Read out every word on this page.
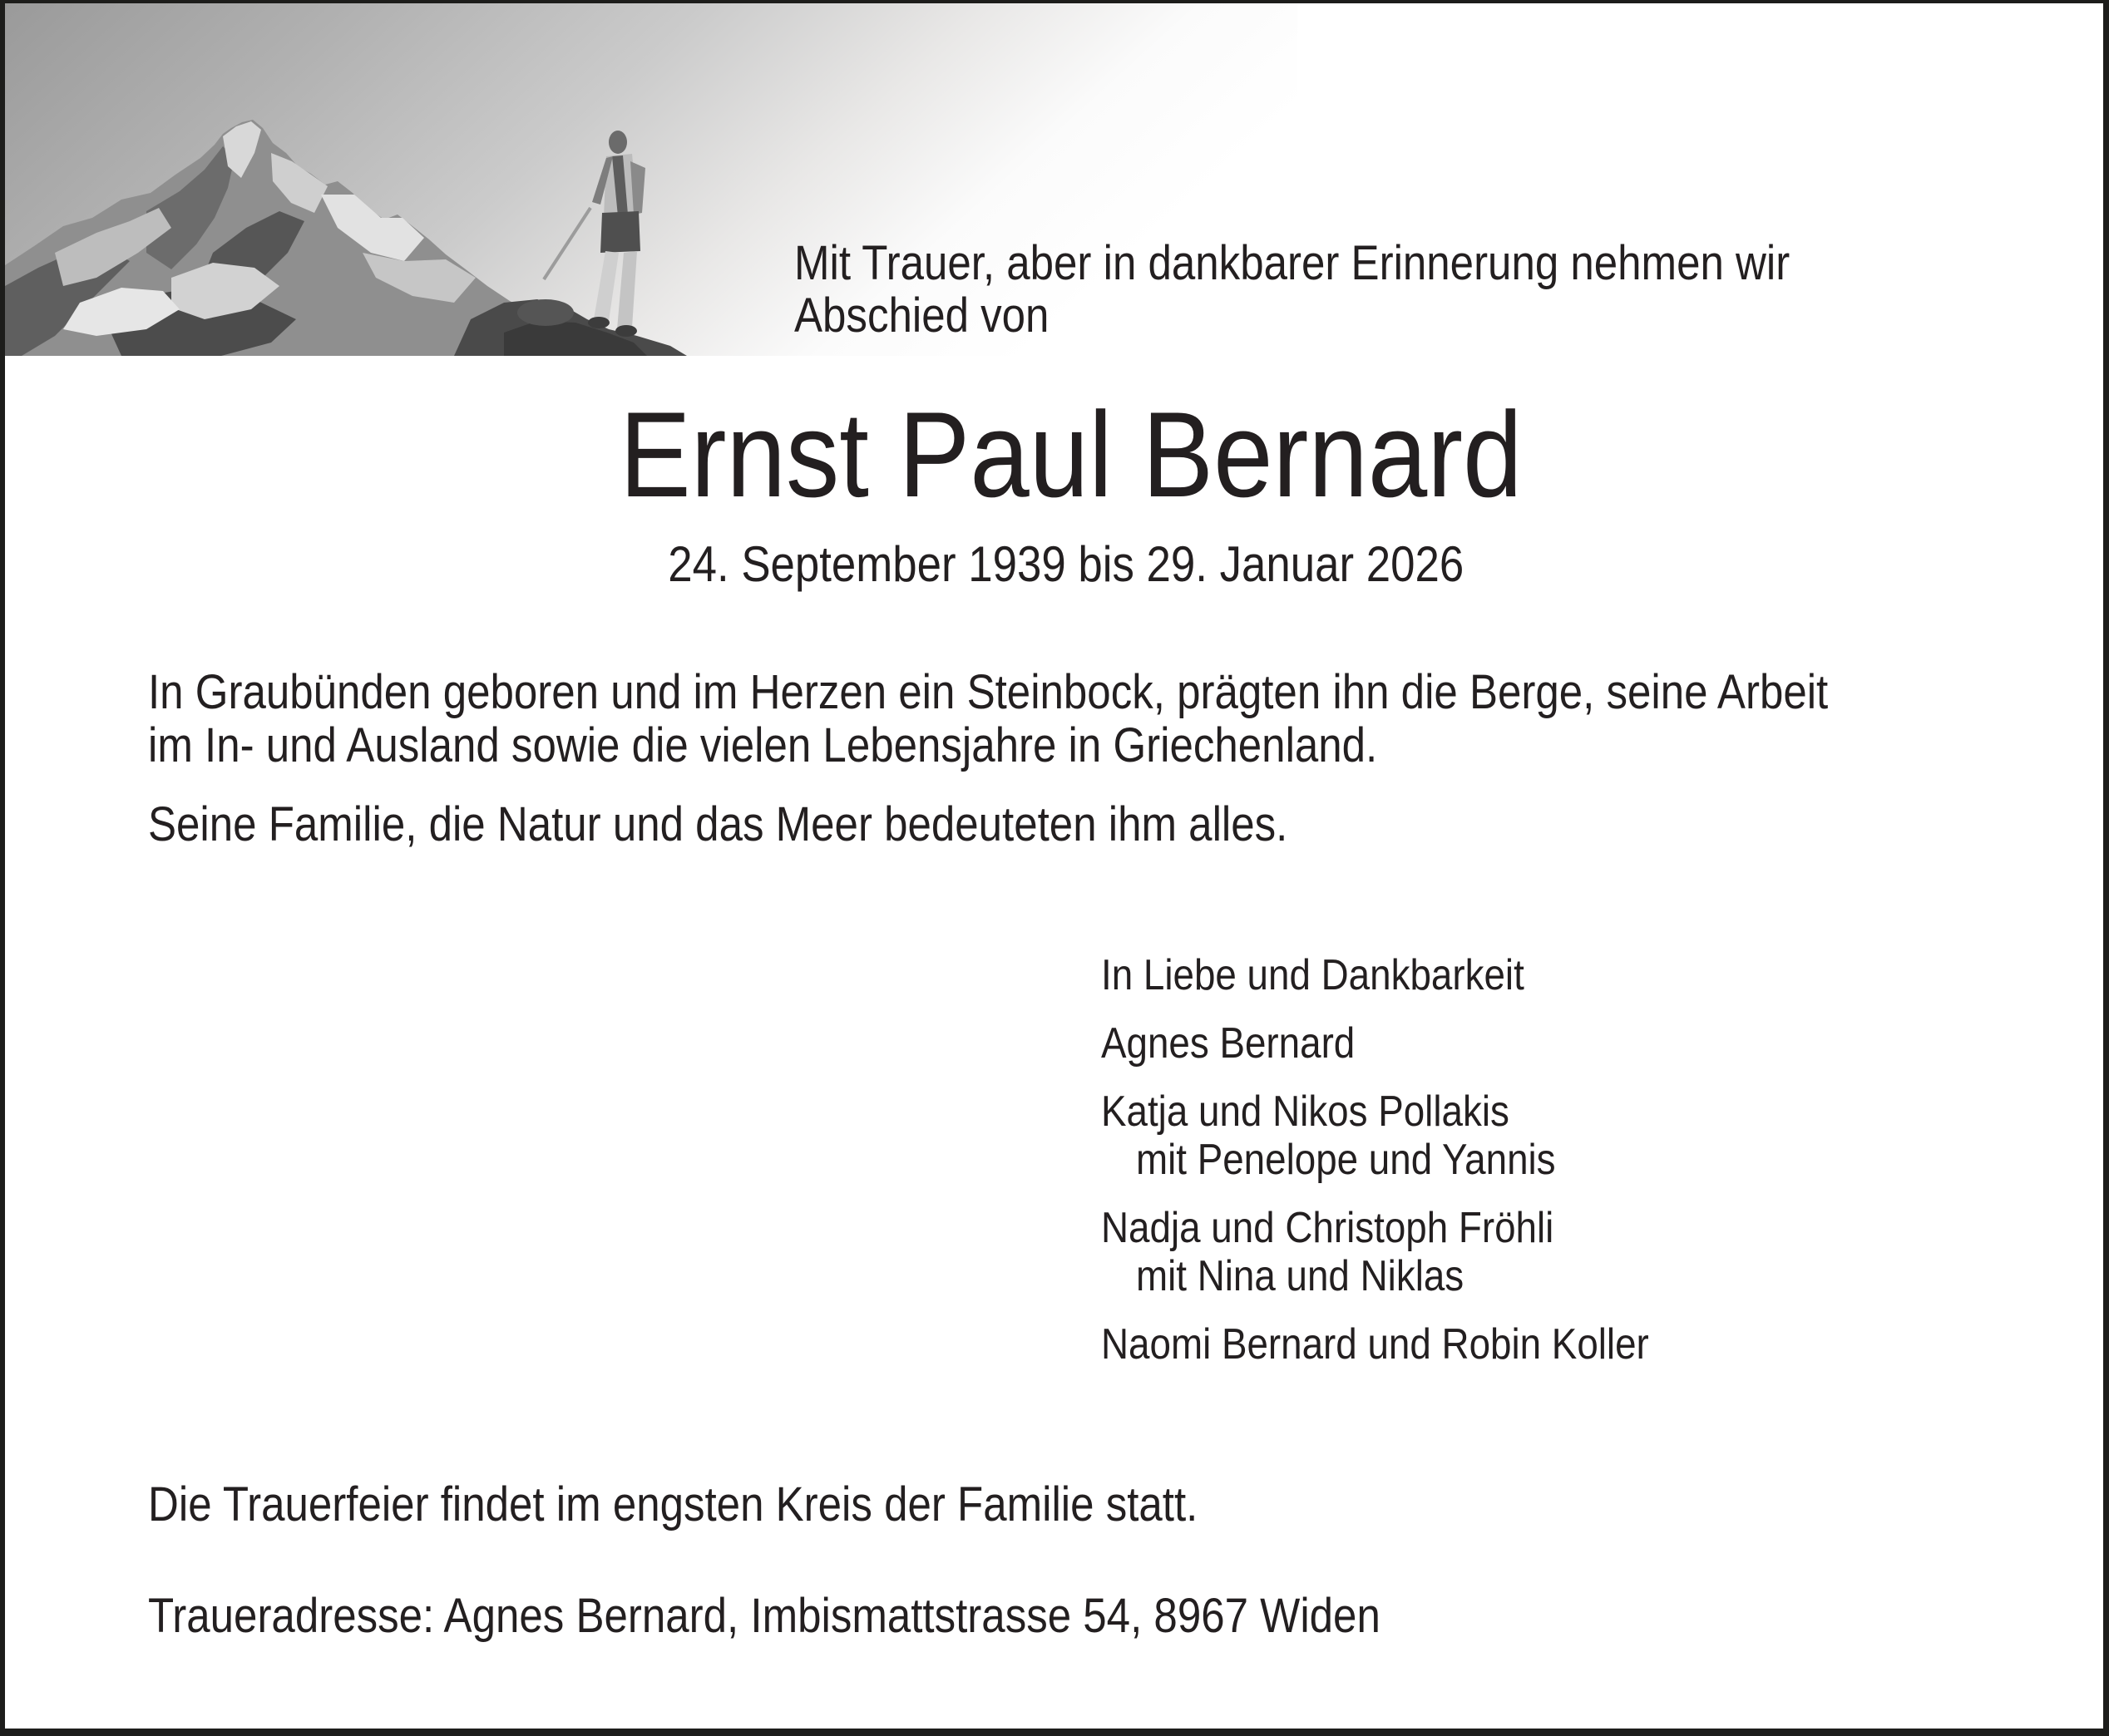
Mit Trauer, aber in dankbarer Erinnerung nehmen wir
Abschied von
Ernst Paul Bernard
24. September 1939 bis 29. Januar 2026
In Graubünden geboren und im Herzen ein Steinbock, prägten ihn die Berge, seine Arbeit
im In- und Ausland sowie die vielen Lebensjahre in Griechenland.
Seine Familie, die Natur und das Meer bedeuteten ihm alles.
In Liebe und Dankbarkeit
Agnes Bernard
Katja und Nikos Pollakis
mit Penelope und Yannis
Nadja und Christoph Fröhli
mit Nina und Niklas
Naomi Bernard und Robin Koller
Die Trauerfeier findet im engsten Kreis der Familie statt.
Traueradresse: Agnes Bernard, Imbismattstrasse 54, 8967 Widen
